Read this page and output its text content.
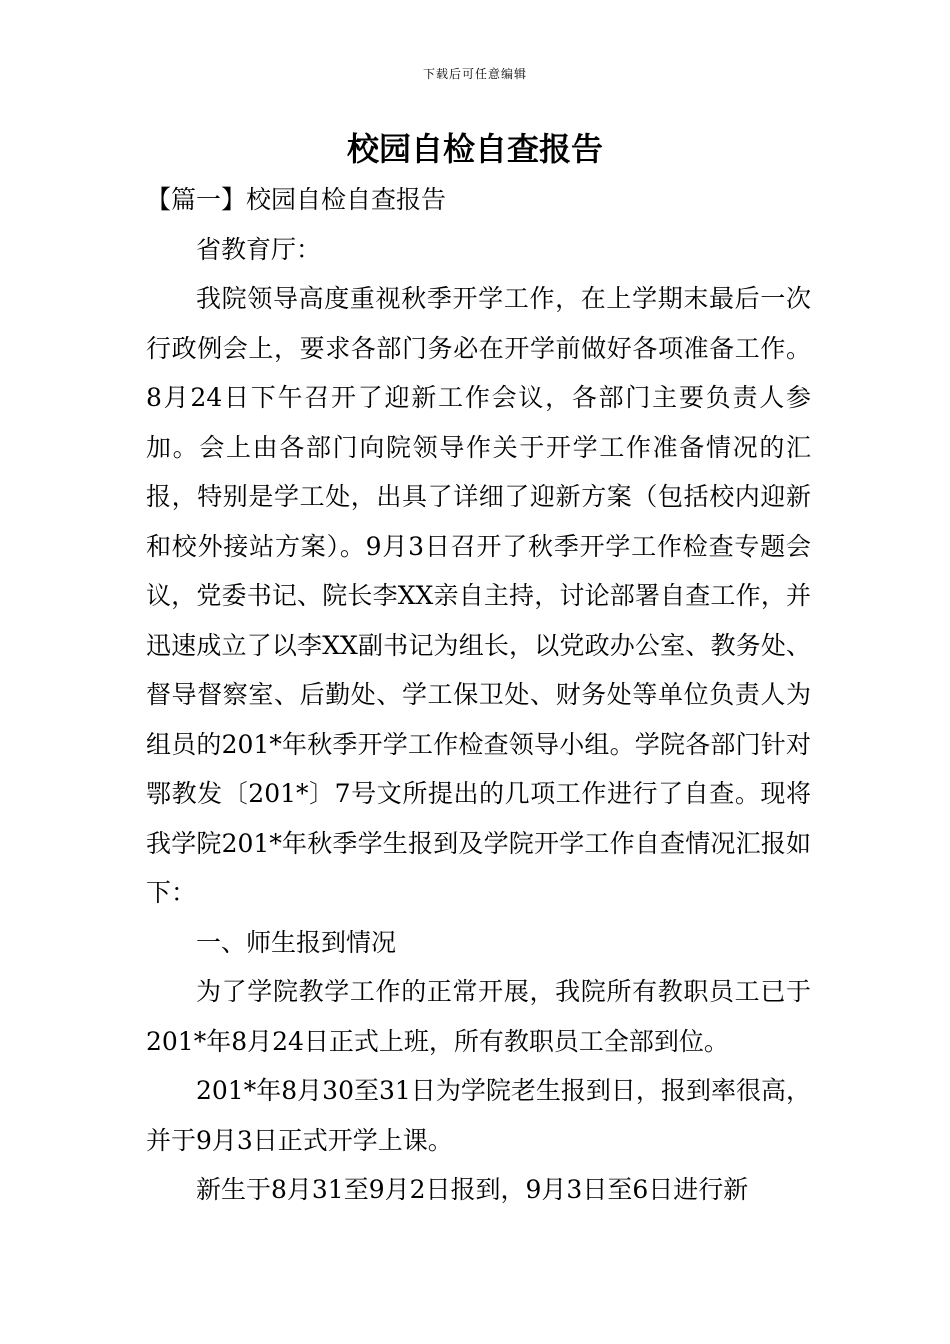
下载后可任意编辑
校园自检自查报告

【篇一】校园自检自查报告

省教育厅：

我院领导高度重视秋季开学工作，在上学期末最后一次行政例会上，要求各部门务必在开学前做好各项准备工作。8月24日下午召开了迎新工作会议，各部门主要负责人参加。会上由各部门向院领导作关于开学工作准备情况的汇报，特别是学工处，出具了详细了迎新方案（包括校内迎新和校外接站方案）。9月3日召开了秋季开学工作检查专题会议，党委书记、院长李XX亲自主持，讨论部署自查工作，并迅速成立了以李XX副书记为组长，以党政办公室、教务处、督导督察室、后勤处、学工保卫处、财务处等单位负责人为组员的201*年秋季开学工作检查领导小组。学院各部门针对鄂教发〔201*〕7号文所提出的几项工作进行了自查。现将我学院201*年秋季学生报到及学院开学工作自查情况汇报如下：

一、师生报到情况

为了学院教学工作的正常开展，我院所有教职员工已于201*年8月24日正式上班，所有教职员工全部到位。

201*年8月30至31日为学院老生报到日，报到率很高，并于9月3日正式开学上课。

新生于8月31至9月2日报到，9月3日至6日进行新
